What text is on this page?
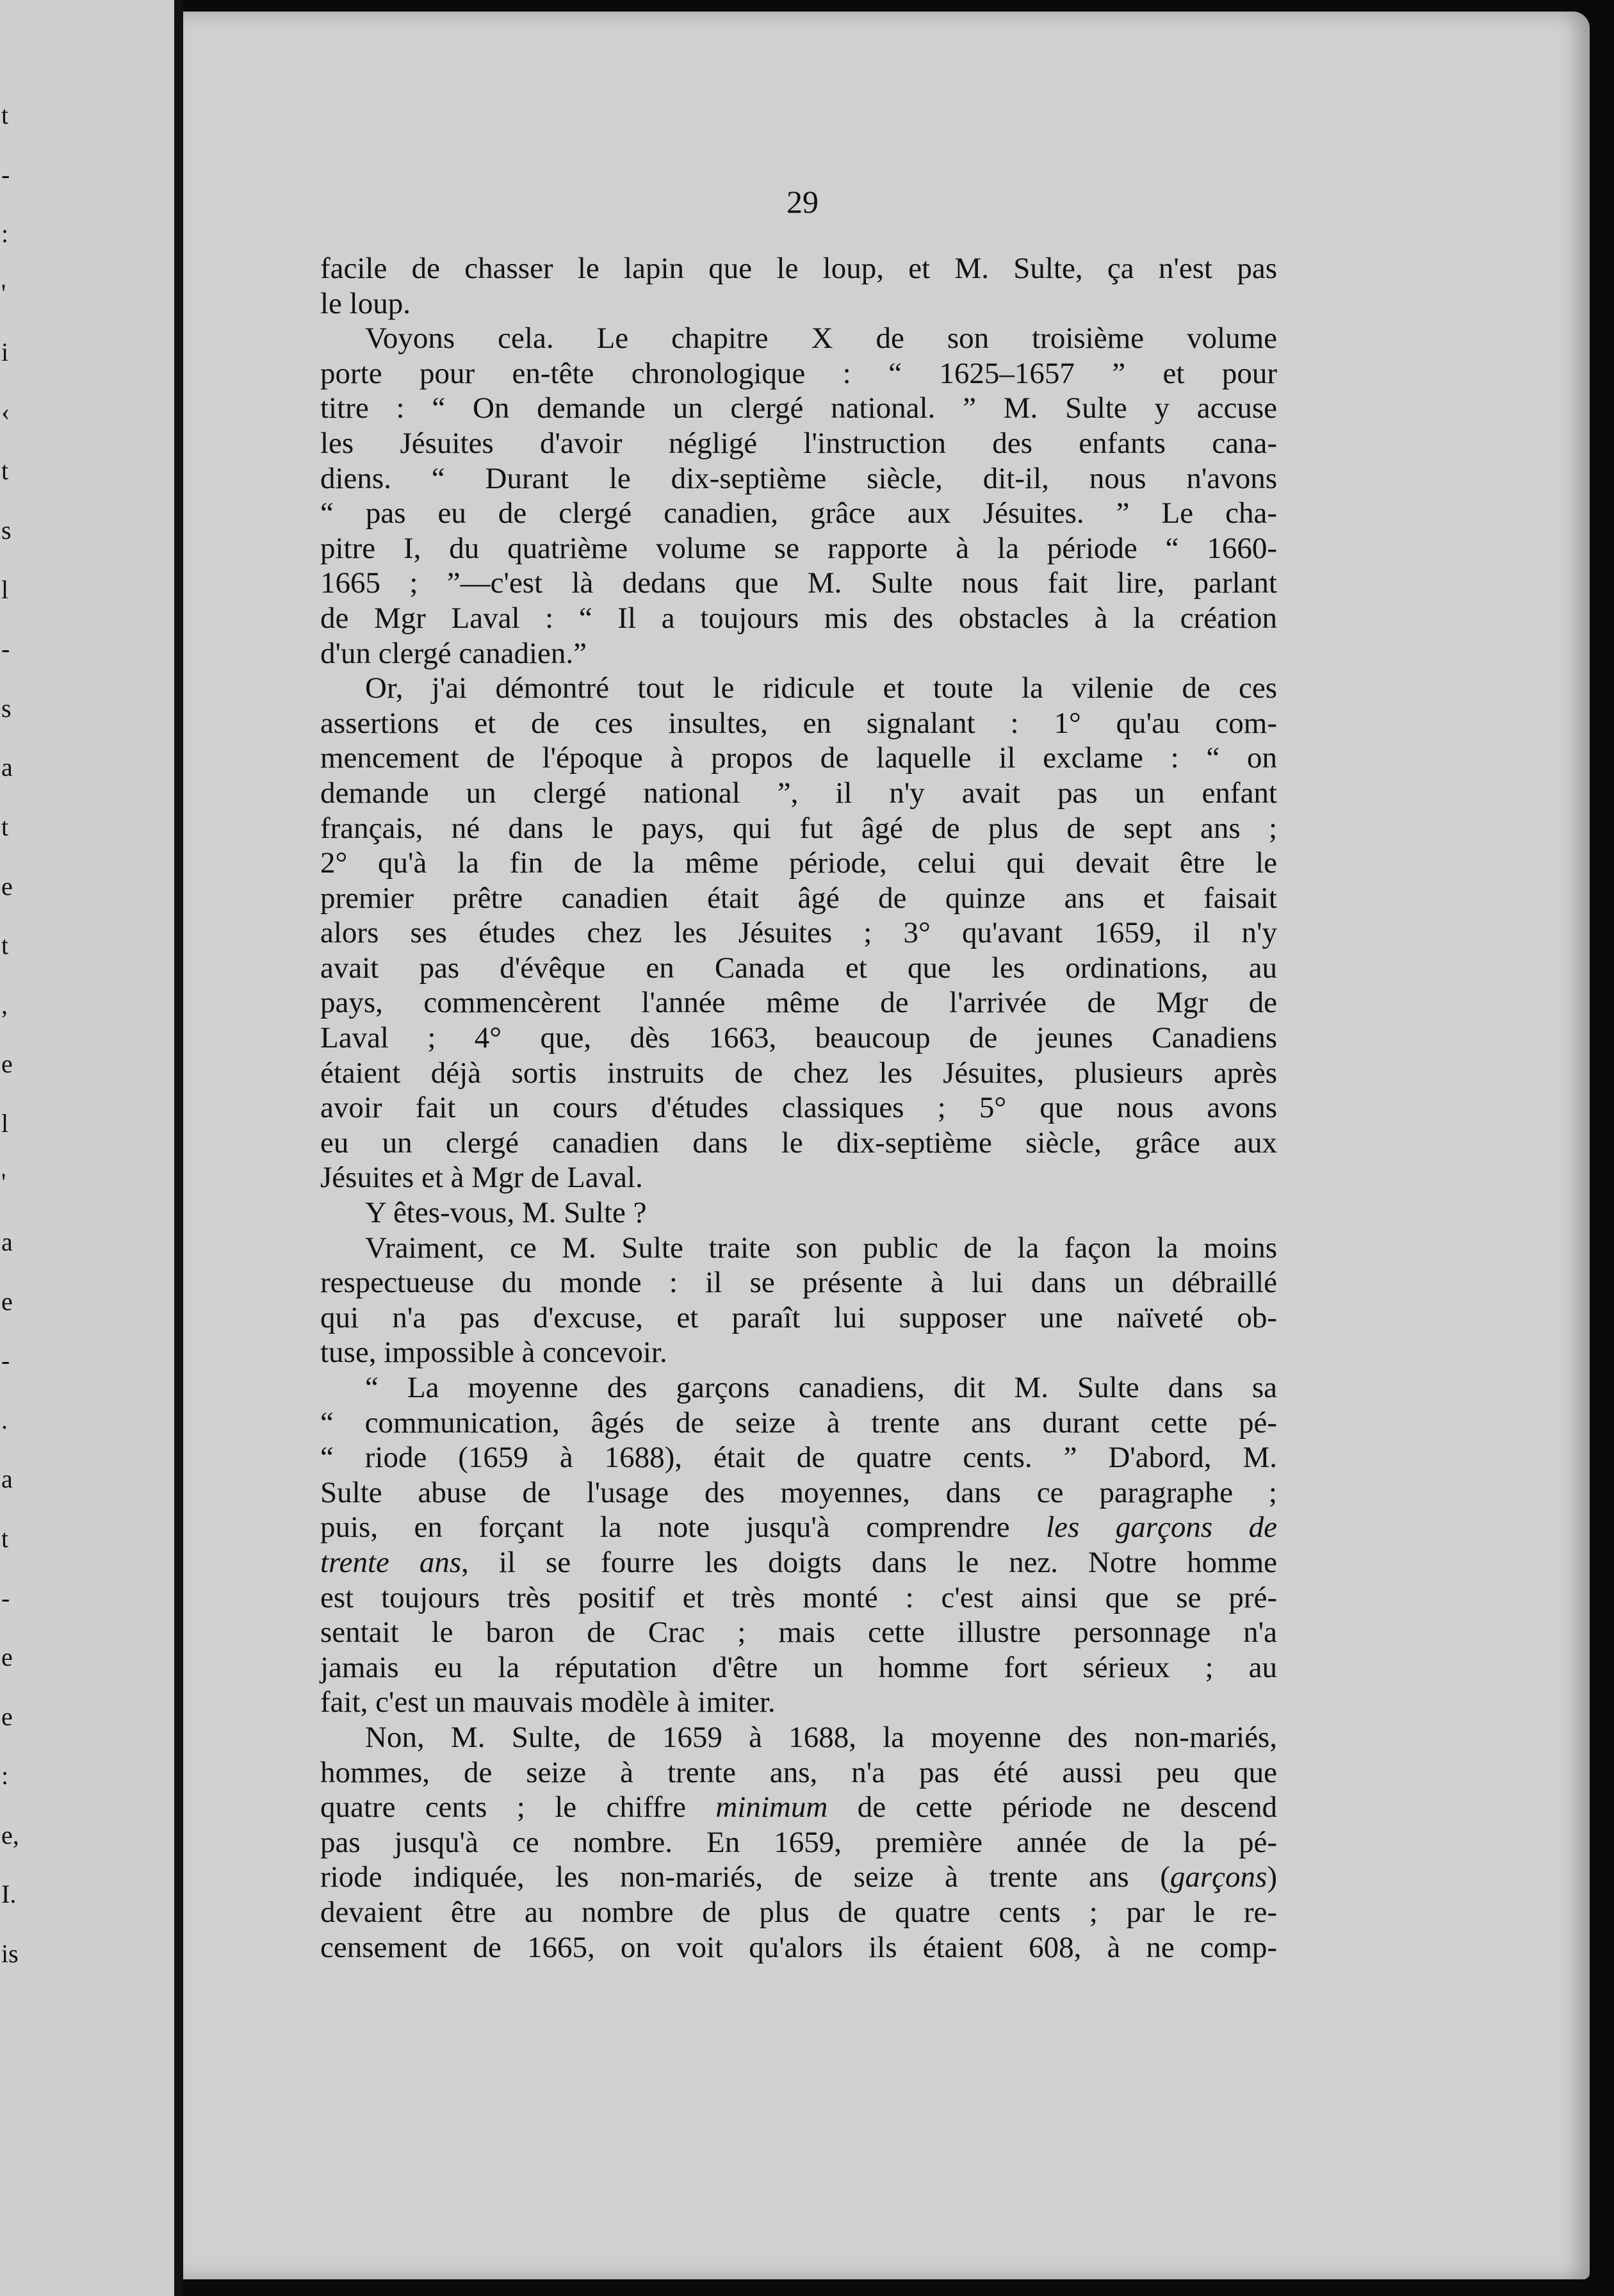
29
facile de chasser le lapin que le loup, et M. Sulte, ça n'est pas
le loup.
Voyons cela. Le chapitre X de son troisième volume
porte pour en-tête chronologique : “ 1625–1657 ” et pour
titre : “ On demande un clergé national. ” M. Sulte y accuse
les Jésuites d'avoir négligé l'instruction des enfants cana-
diens. “ Durant le dix-septième siècle, dit-il, nous n'avons
“ pas eu de clergé canadien, grâce aux Jésuites. ” Le cha-
pitre I, du quatrième volume se rapporte à la période “ 1660-
1665 ; ”—c'est là dedans que M. Sulte nous fait lire, parlant
de Mgr Laval : “ Il a toujours mis des obstacles à la création
d'un clergé canadien.”
Or, j'ai démontré tout le ridicule et toute la vilenie de ces
assertions et de ces insultes, en signalant : 1° qu'au com-
mencement de l'époque à propos de laquelle il exclame : “ on
demande un clergé national ”, il n'y avait pas un enfant
français, né dans le pays, qui fut âgé de plus de sept ans ;
2° qu'à la fin de la même période, celui qui devait être le
premier prêtre canadien était âgé de quinze ans et faisait
alors ses études chez les Jésuites ; 3° qu'avant 1659, il n'y
avait pas d'évêque en Canada et que les ordinations, au
pays, commencèrent l'année même de l'arrivée de Mgr de
Laval ; 4° que, dès 1663, beaucoup de jeunes Canadiens
étaient déjà sortis instruits de chez les Jésuites, plusieurs après
avoir fait un cours d'études classiques ; 5° que nous avons
eu un clergé canadien dans le dix-septième siècle, grâce aux
Jésuites et à Mgr de Laval.
Y êtes-vous, M. Sulte ?
Vraiment, ce M. Sulte traite son public de la façon la moins
respectueuse du monde : il se présente à lui dans un débraillé
qui n'a pas d'excuse, et paraît lui supposer une naïveté ob-
tuse, impossible à concevoir.
“ La moyenne des garçons canadiens, dit M. Sulte dans sa
“ communication, âgés de seize à trente ans durant cette pé-
“ riode (1659 à 1688), était de quatre cents. ” D'abord, M.
Sulte abuse de l'usage des moyennes, dans ce paragraphe ;
puis, en forçant la note jusqu'à comprendre les garçons de
trente ans, il se fourre les doigts dans le nez. Notre homme
est toujours très positif et très monté : c'est ainsi que se pré-
sentait le baron de Crac ; mais cette illustre personnage n'a
jamais eu la réputation d'être un homme fort sérieux ; au
fait, c'est un mauvais modèle à imiter.
Non, M. Sulte, de 1659 à 1688, la moyenne des non-mariés,
hommes, de seize à trente ans, n'a pas été aussi peu que
quatre cents ; le chiffre minimum de cette période ne descend
pas jusqu'à ce nombre. En 1659, première année de la pé-
riode indiquée, les non-mariés, de seize à trente ans (garçons)
devaient être au nombre de plus de quatre cents ; par le re-
censement de 1665, on voit qu'alors ils étaient 608, à ne comp-
t
-
:
'
i
‹
t
s
l
-
s
a
t
e
t
,
e
l
'
a
e
-
.
a
t
-
e
e
:
e,
I.
is
